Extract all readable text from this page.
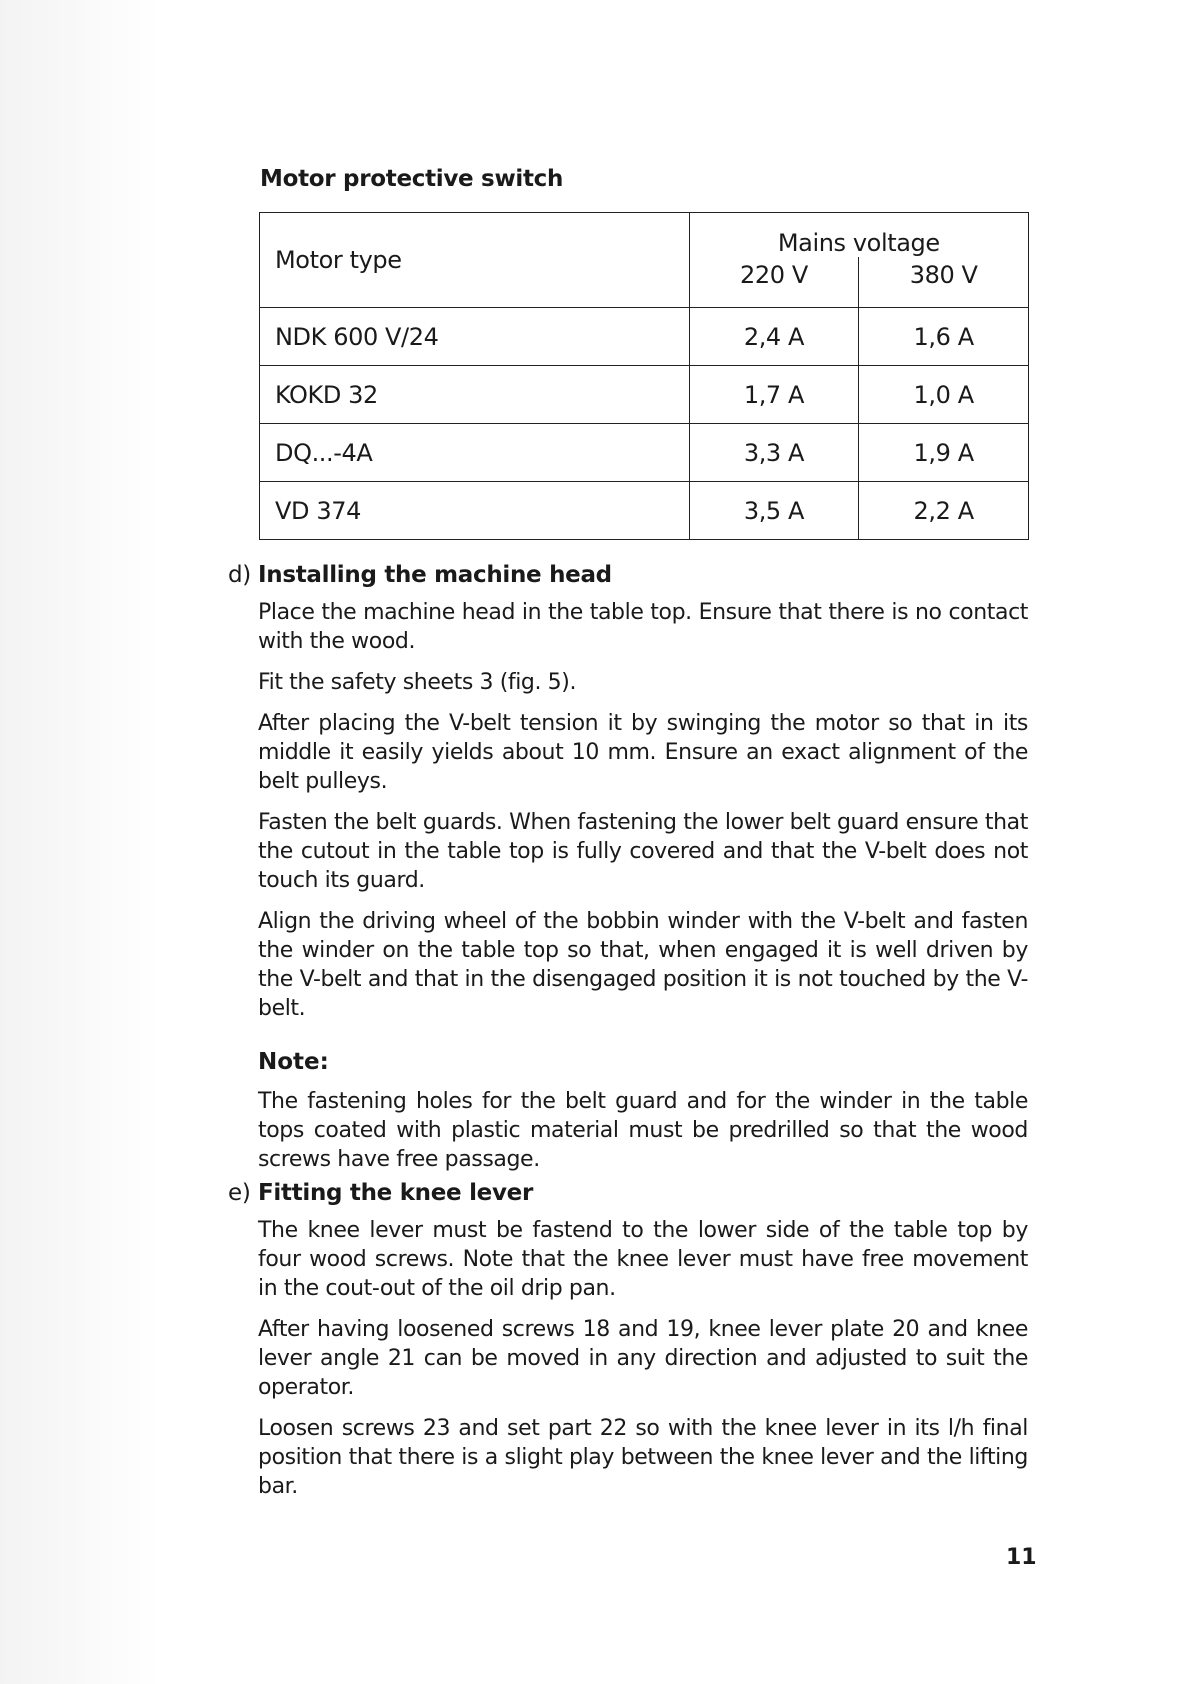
Motor protective switch
Motor type	Mains voltage	
	220 V	380 V
NDK 600 V/24	2,4 A	1,6 A
KOKD 32	1,7 A	1,0 A
DQ...-4A	3,3 A	1,9 A
VD 374	3,5 A	2,2 A
d) Installing the machine head

Place the machine head in the table top. Ensure that there is no contact with the wood.

Fit the safety sheets 3 (fig. 5).

After placing the V-belt tension it by swinging the motor so that in its middle it easily yields about 10 mm. Ensure an exact alignment of the belt pulleys.

Fasten the belt guards. When fastening the lower belt guard ensure that the cutout in the table top is fully covered and that the V-belt does not touch its guard.

Align the driving wheel of the bobbin winder with the V-belt and fasten the winder on the table top so that, when engaged it is well driven by the V-belt and that in the disengaged position it is not touched by the V-belt.

Note:

The fastening holes for the belt guard and for the winder in the table tops coated with plastic material must be predrilled so that the wood screws have free passage.

e) Fitting the knee lever

The knee lever must be fastend to the lower side of the table top by four wood screws. Note that the knee lever must have free movement in the cout-out of the oil drip pan.

After having loosened screws 18 and 19, knee lever plate 20 and knee lever angle 21 can be moved in any direction and adjusted to suit the operator.

Loosen screws 23 and set part 22 so with the knee lever in its l/h final position that there is a slight play between the knee lever and the lifting bar.

11
